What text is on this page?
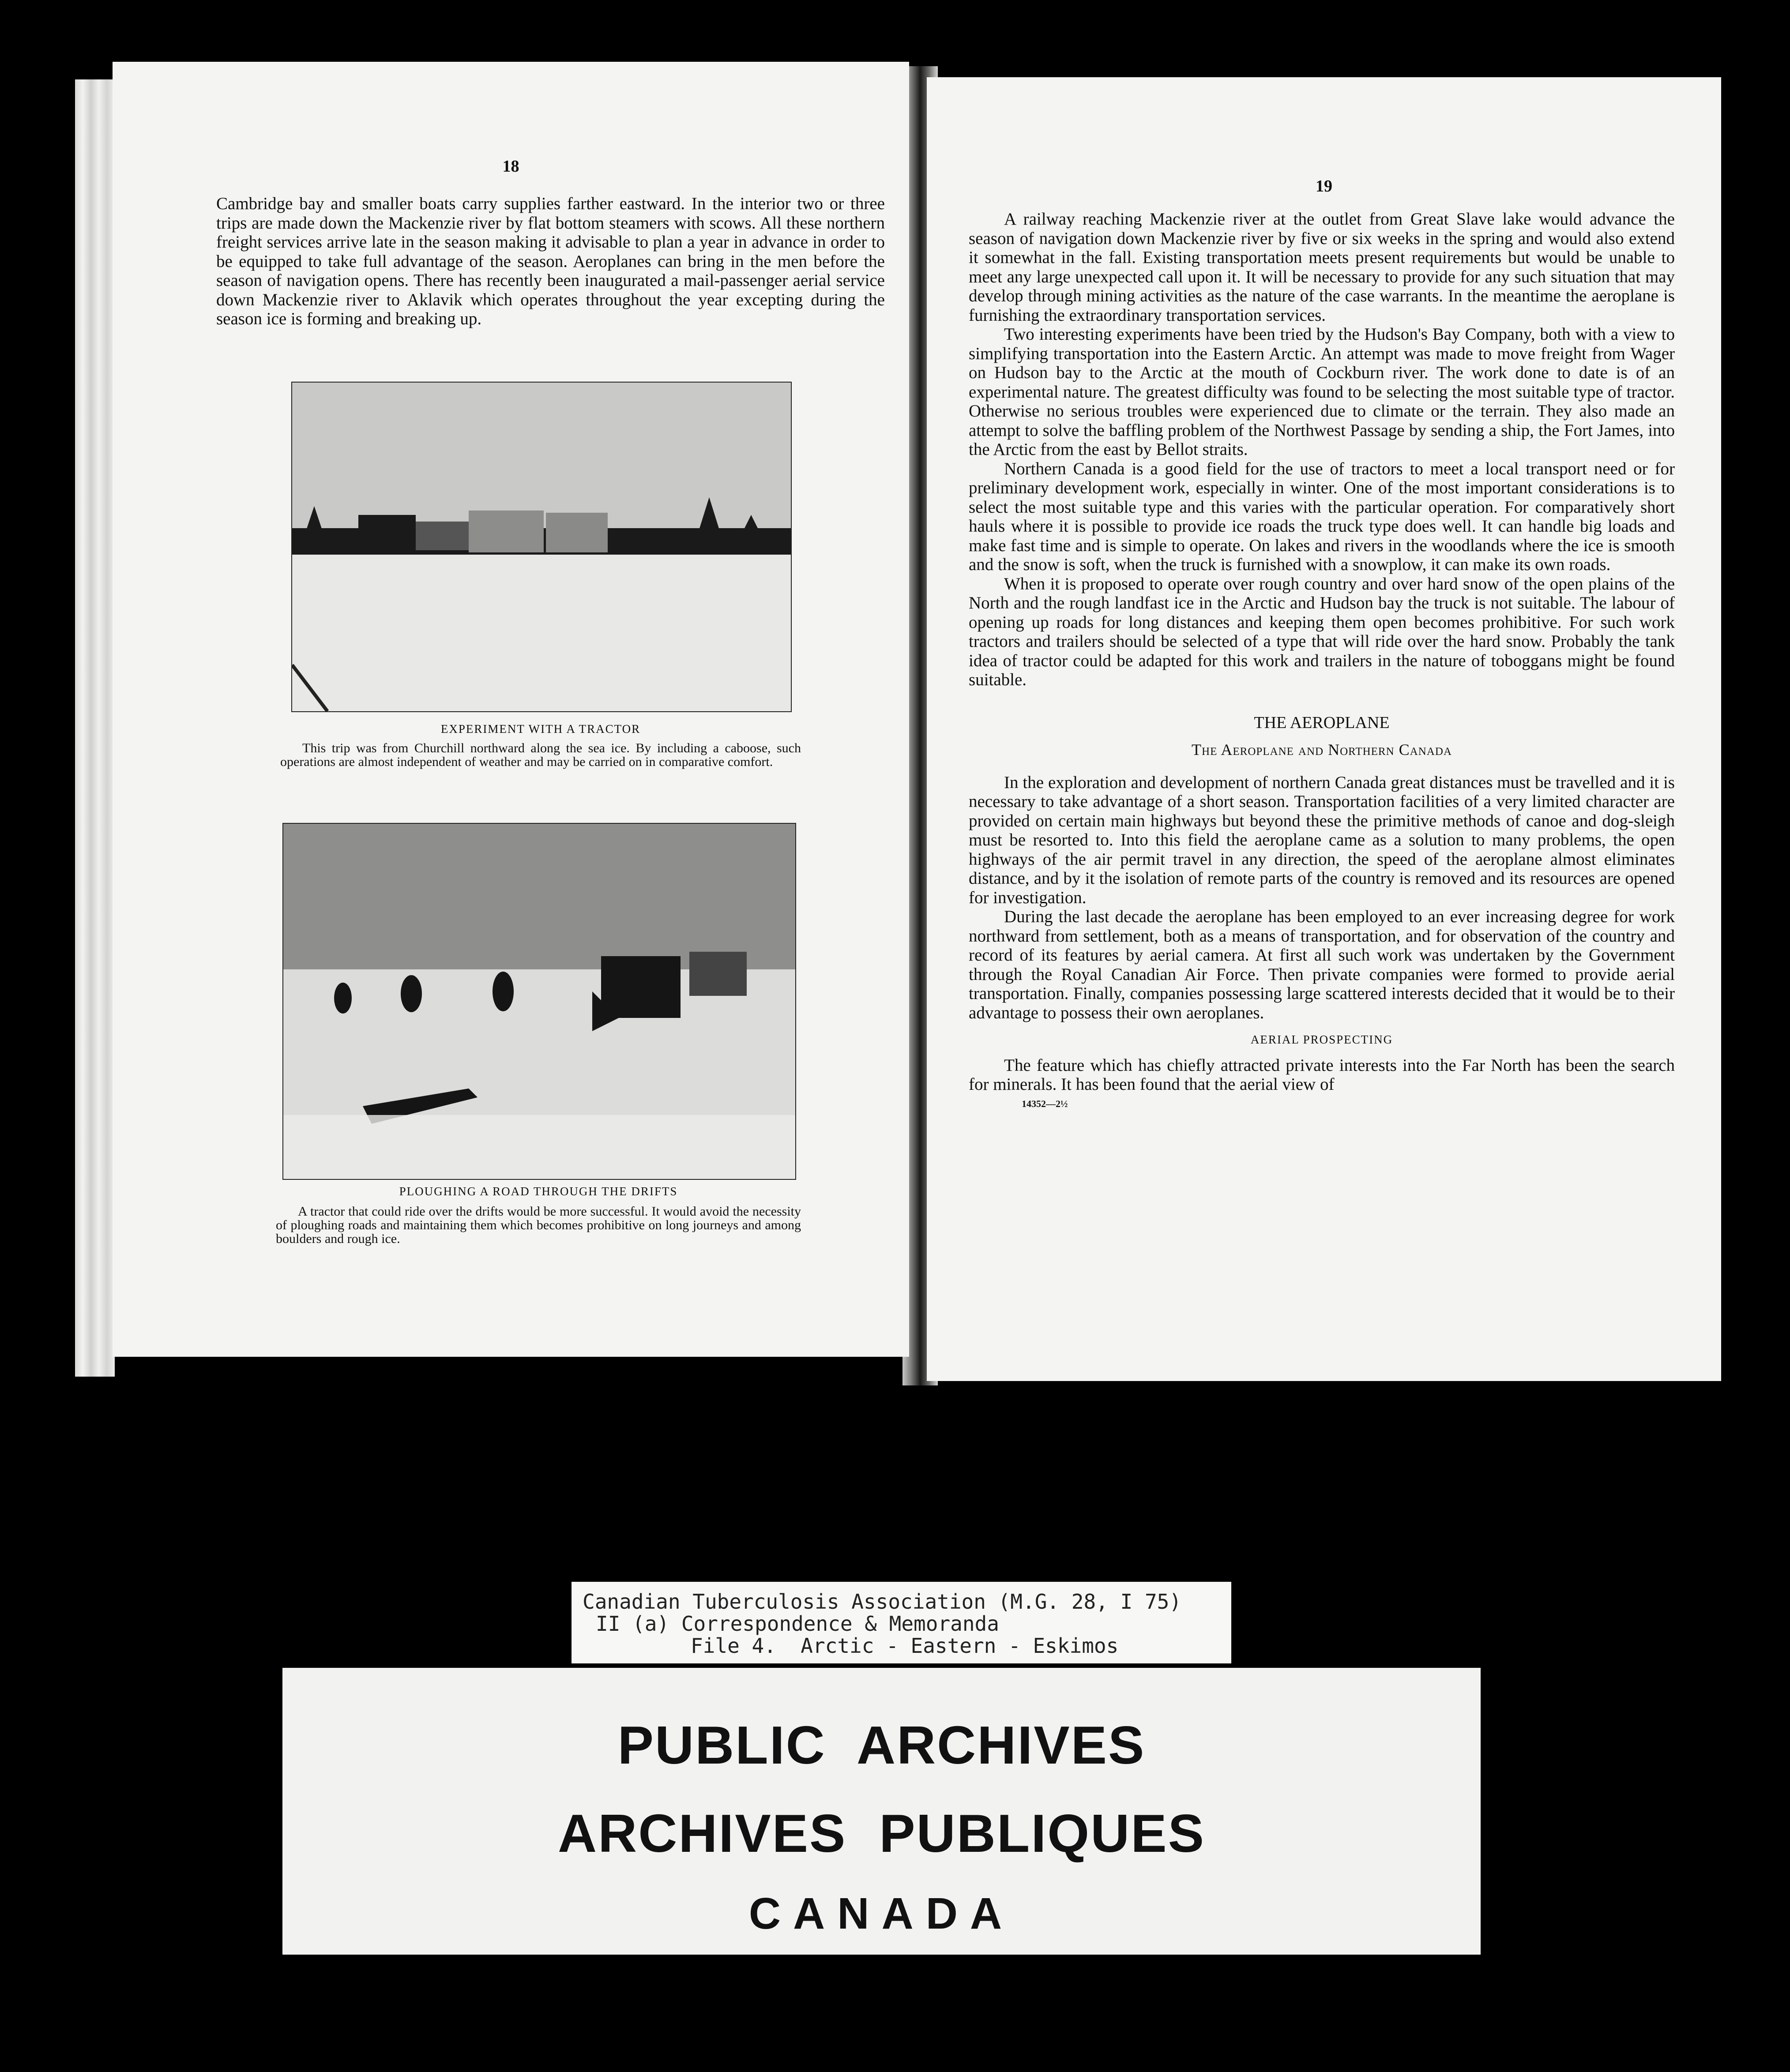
18

Cambridge bay and smaller boats carry supplies farther eastward. In the interior two or three trips are made down the Mackenzie river by flat bottom steamers with scows. All these northern freight services arrive late in the season making it advisable to plan a year in advance in order to be equipped to take full advantage of the season. Aeroplanes can bring in the men before the season of navigation opens. There has recently been inaugurated a mail-passenger aerial service down Mackenzie river to Aklavik which operates throughout the year excepting during the season ice is forming and breaking up.

EXPERIMENT WITH A TRACTOR
This trip was from Churchill northward along the sea ice. By including a caboose, such operations are almost independent of weather and may be carried on in comparative comfort.
PLOUGHING A ROAD THROUGH THE DRIFTS
A tractor that could ride over the drifts would be more successful. It would avoid the necessity of ploughing roads and maintaining them which becomes prohibitive on long journeys and among boulders and rough ice.
19

A railway reaching Mackenzie river at the outlet from Great Slave lake would advance the season of navigation down Mackenzie river by five or six weeks in the spring and would also extend it somewhat in the fall. Existing transportation meets present requirements but would be unable to meet any large unexpected call upon it. It will be necessary to provide for any such situation that may develop through mining activities as the nature of the case warrants. In the meantime the aeroplane is furnishing the extraordinary transportation services.

Two interesting experiments have been tried by the Hudson's Bay Company, both with a view to simplifying transportation into the Eastern Arctic. An attempt was made to move freight from Wager on Hudson bay to the Arctic at the mouth of Cockburn river. The work done to date is of an experimental nature. The greatest difficulty was found to be selecting the most suitable type of tractor. Otherwise no serious troubles were experienced due to climate or the terrain. They also made an attempt to solve the baffling problem of the Northwest Passage by sending a ship, the Fort James, into the Arctic from the east by Bellot straits.

Northern Canada is a good field for the use of tractors to meet a local transport need or for preliminary development work, especially in winter. One of the most important considerations is to select the most suitable type and this varies with the particular operation. For comparatively short hauls where it is possible to provide ice roads the truck type does well. It can handle big loads and make fast time and is simple to operate. On lakes and rivers in the woodlands where the ice is smooth and the snow is soft, when the truck is furnished with a snowplow, it can make its own roads.

When it is proposed to operate over rough country and over hard snow of the open plains of the North and the rough landfast ice in the Arctic and Hudson bay the truck is not suitable. The labour of opening up roads for long distances and keeping them open becomes prohibitive. For such work tractors and trailers should be selected of a type that will ride over the hard snow. Probably the tank idea of tractor could be adapted for this work and trailers in the nature of toboggans might be found suitable.

THE AEROPLANE
The Aeroplane and Northern Canada

In the exploration and development of northern Canada great distances must be travelled and it is necessary to take advantage of a short season. Transportation facilities of a very limited character are provided on certain main highways but beyond these the primitive methods of canoe and dog-sleigh must be resorted to. Into this field the aeroplane came as a solution to many problems, the open highways of the air permit travel in any direction, the speed of the aeroplane almost eliminates distance, and by it the isolation of remote parts of the country is removed and its resources are opened for investigation.

During the last decade the aeroplane has been employed to an ever increasing degree for work northward from settlement, both as a means of transportation, and for observation of the country and record of its features by aerial camera. At first all such work was undertaken by the Government through the Royal Canadian Air Force. Then private companies were formed to provide aerial transportation. Finally, companies possessing large scattered interests decided that it would be to their advantage to possess their own aeroplanes.

AERIAL PROSPECTING

The feature which has chiefly attracted private interests into the Far North has been the search for minerals. It has been found that the aerial view of

14352—2½

Canadian Tuberculosis Association (M.G. 28, I 75)
II (a) Correspondence & Memoranda
File 4.  Arctic - Eastern - Eskimos
PUBLIC  ARCHIVES
ARCHIVES  PUBLIQUES
CANADA
